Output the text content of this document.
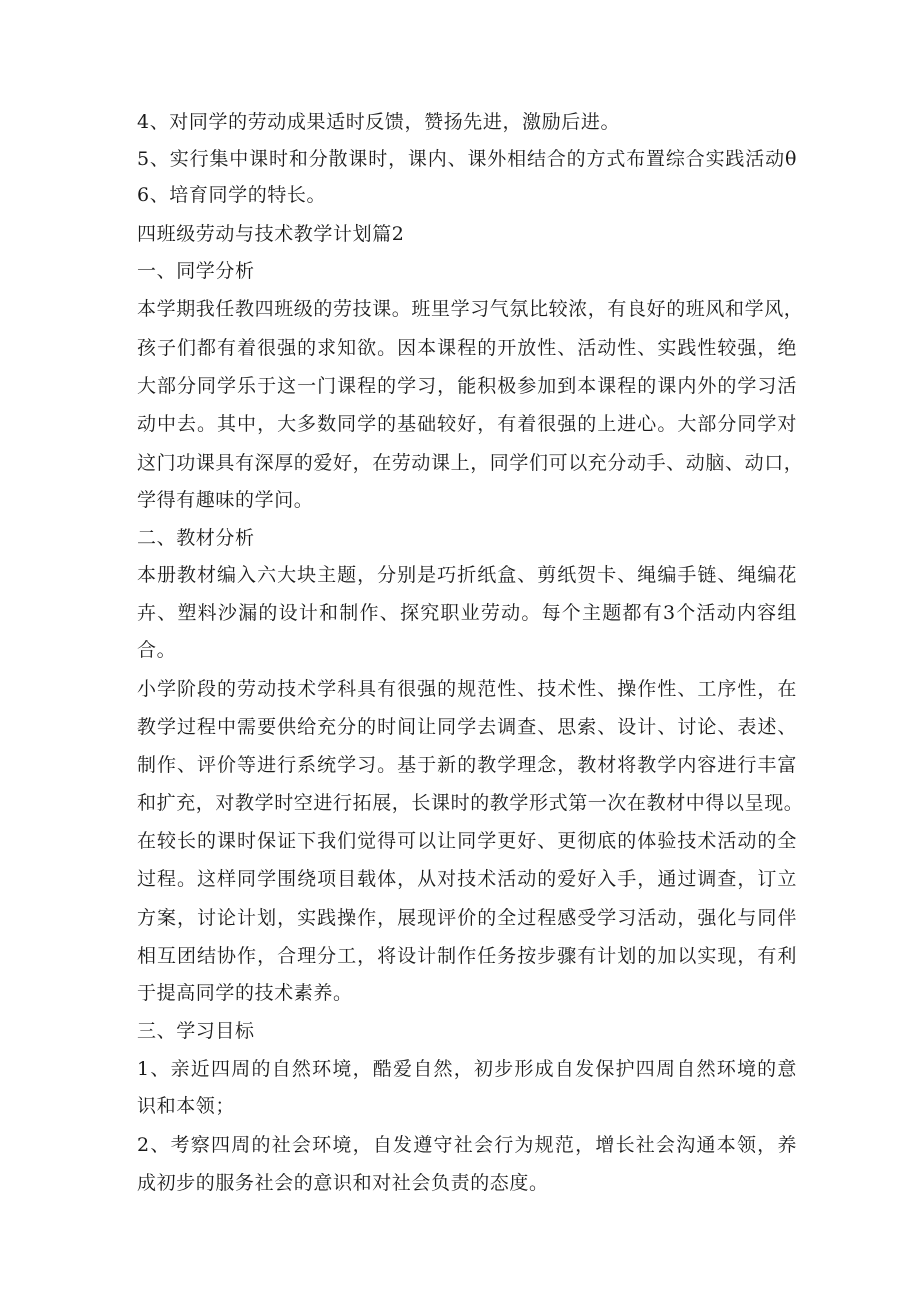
4、对同学的劳动成果适时反馈，赞扬先进，激励后进。
5、实行集中课时和分散课时，课内、课外相结合的方式布置综合实践活动θ
6、培育同学的特长。
四班级劳动与技术教学计划篇2
一、同学分析
本学期我任教四班级的劳技课。班里学习气氛比较浓，有良好的班风和学风，
孩子们都有着很强的求知欲。因本课程的开放性、活动性、实践性较强，绝
大部分同学乐于这一门课程的学习，能积极参加到本课程的课内外的学习活
动中去。其中，大多数同学的基础较好，有着很强的上进心。大部分同学对
这门功课具有深厚的爱好，在劳动课上，同学们可以充分动手、动脑、动口，
学得有趣味的学问。
二、教材分析
本册教材编入六大块主题，分别是巧折纸盒、剪纸贺卡、绳编手链、绳编花
卉、塑料沙漏的设计和制作、探究职业劳动。每个主题都有3个活动内容组
合。
小学阶段的劳动技术学科具有很强的规范性、技术性、操作性、工序性，在
教学过程中需要供给充分的时间让同学去调查、思索、设计、讨论、表述、
制作、评价等进行系统学习。基于新的教学理念，教材将教学内容进行丰富
和扩充，对教学时空进行拓展，长课时的教学形式第一次在教材中得以呈现。
在较长的课时保证下我们觉得可以让同学更好、更彻底的体验技术活动的全
过程。这样同学围绕项目载体，从对技术活动的爱好入手，通过调查，订立
方案，讨论计划，实践操作，展现评价的全过程感受学习活动，强化与同伴
相互团结协作，合理分工，将设计制作任务按步骤有计划的加以实现，有利
于提高同学的技术素养。
三、学习目标
1、亲近四周的自然环境，酷爱自然，初步形成自发保护四周自然环境的意
识和本领；
2、考察四周的社会环境，自发遵守社会行为规范，增长社会沟通本领，养
成初步的服务社会的意识和对社会负责的态度。
